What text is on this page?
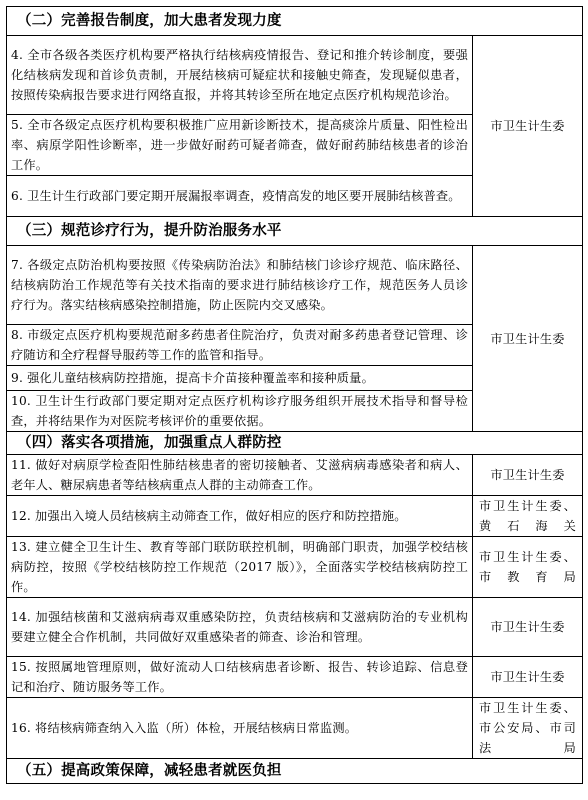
（二）完善报告制度，加大患者发现力度	
4. 全市各级各类医疗机构要严格执行结核病疫情报告、登记和推介转诊制度，要强化结核病发现和首诊负责制，开展结核病可疑症状和接触史筛查，发现疑似患者，按照传染病报告要求进行网络直报，并将其转诊至所在地定点医疗机构规范诊治。	市卫生计生委
5. 全市各级定点医疗机构要积极推广应用新诊断技术，提高痰涂片质量、阳性检出率、病原学阳性诊断率，进一步做好耐药可疑者筛查，做好耐药肺结核患者的诊治工作。	
6. 卫生计生行政部门要定期开展漏报率调查，疫情高发的地区要开展肺结核普查。	
（三）规范诊疗行为，提升防治服务水平	
7. 各级定点防治机构要按照《传染病防治法》和肺结核门诊诊疗规范、临床路径、结核病防治工作规范等有关技术指南的要求进行肺结核诊疗工作，规范医务人员诊疗行为。落实结核病感染控制措施，防止医院内交叉感染。	市卫生计生委
8. 市级定点医疗机构要规范耐多药患者住院治疗，负责对耐多药患者登记管理、诊疗随访和全疗程督导服药等工作的监管和指导。	
9. 强化儿童结核病防控措施，提高卡介苗接种覆盖率和接种质量。	
10. 卫生计生行政部门要定期对定点医疗机构诊疗服务组织开展技术指导和督导检查，并将结果作为对医院考核评价的重要依据。	
（四）落实各项措施，加强重点人群防控	
11. 做好对病原学检查阳性肺结核患者的密切接触者、艾滋病病毒感染者和病人、老年人、糖尿病患者等结核病重点人群的主动筛查工作。	市卫生计生委
12. 加强出入境人员结核病主动筛查工作，做好相应的医疗和防控措施。	市卫生计生委、黄石海关
13. 建立健全卫生计生、教育等部门联防联控机制，明确部门职责，加强学校结核病防控，按照《学校结核防控工作规范（2017 版）》，全面落实学校结核病防控工作。	市卫生计生委、市教育局
14. 加强结核菌和艾滋病病毒双重感染防控，负责结核病和艾滋病防治的专业机构要建立健全合作机制，共同做好双重感染者的筛查、诊治和管理。	市卫生计生委
15. 按照属地管理原则，做好流动人口结核病患者诊断、报告、转诊追踪、信息登记和治疗、随访服务等工作。	市卫生计生委
16. 将结核病筛查纳入入监（所）体检，开展结核病日常监测。	市卫生计生委、市公安局、市司法局
（五）提高政策保障，减轻患者就医负担	
